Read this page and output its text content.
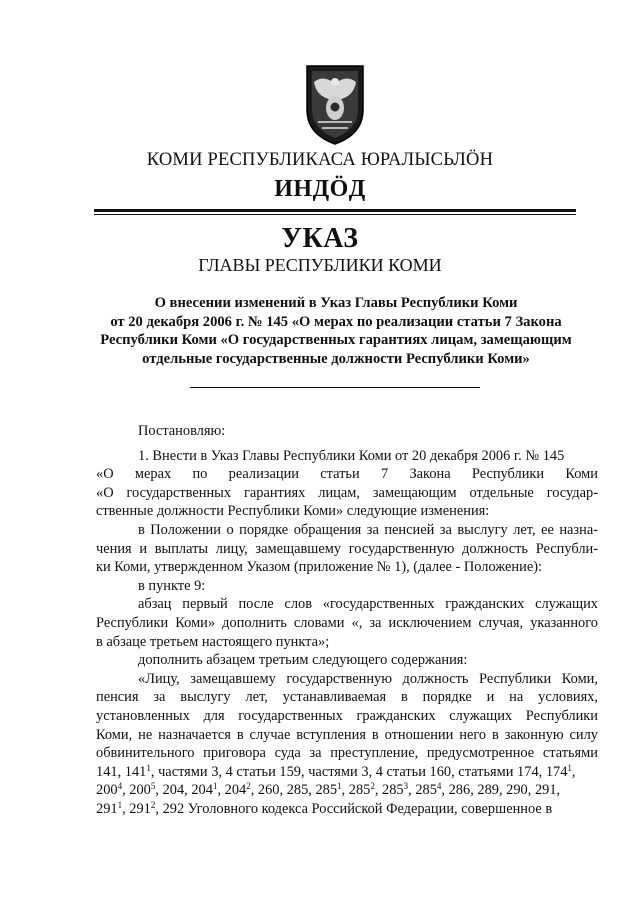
КОМИ РЕСПУБЛИКАСА ЮРАЛЫСЬЛÖН
ИНДÖД
УКАЗ
ГЛАВЫ РЕСПУБЛИКИ КОМИ
О внесении изменений в Указ Главы Республики Коми
от 20 декабря 2006 г. № 145 «О мерах по реализации статьи 7 Закона
Республики Коми «О государственных гарантиях лицам, замещающим
отдельные государственные должности Республики Коми»
Постановляю:
1. Внести в Указ Главы Республики Коми от 20 декабря 2006 г. № 145
«О мерах по реализации статьи 7 Закона Республики Коми
«О государственных гарантиях лицам, замещающим отдельные государ-
ственные должности Республики Коми» следующие изменения:
в Положении о порядке обращения за пенсией за выслугу лет, ее назна-
чения и выплаты лицу, замещавшему государственную должность Республи-
ки Коми, утвержденном Указом (приложение № 1), (далее - Положение):
в пункте 9:
абзац первый после слов «государственных гражданских служащих
Республики Коми» дополнить словами «, за исключением случая, указанного
в абзаце третьем настоящего пункта»;
дополнить абзацем третьим следующего содержания:
«Лицу, замещавшему государственную должность Республики Коми,
пенсия за выслугу лет, устанавливаемая в порядке и на условиях,
установленных для государственных гражданских служащих Республики
Коми, не назначается в случае вступления в отношении него в законную силу
обвинительного приговора суда за преступление, предусмотренное статьями
141, $141^1$, частями 3, 4 статьи 159, частями 3, 4 статьи 160, статьями 174, $174^1$,
$200^4$, $200^5$, 204, $204^1$, $204^2$, 260, 285, $285^1$, $285^2$, $285^3$, $285^4$, 286, 289, 290, 291,
$291^1$, $291^2$, 292 Уголовного кодекса Российской Федерации, совершенное в
